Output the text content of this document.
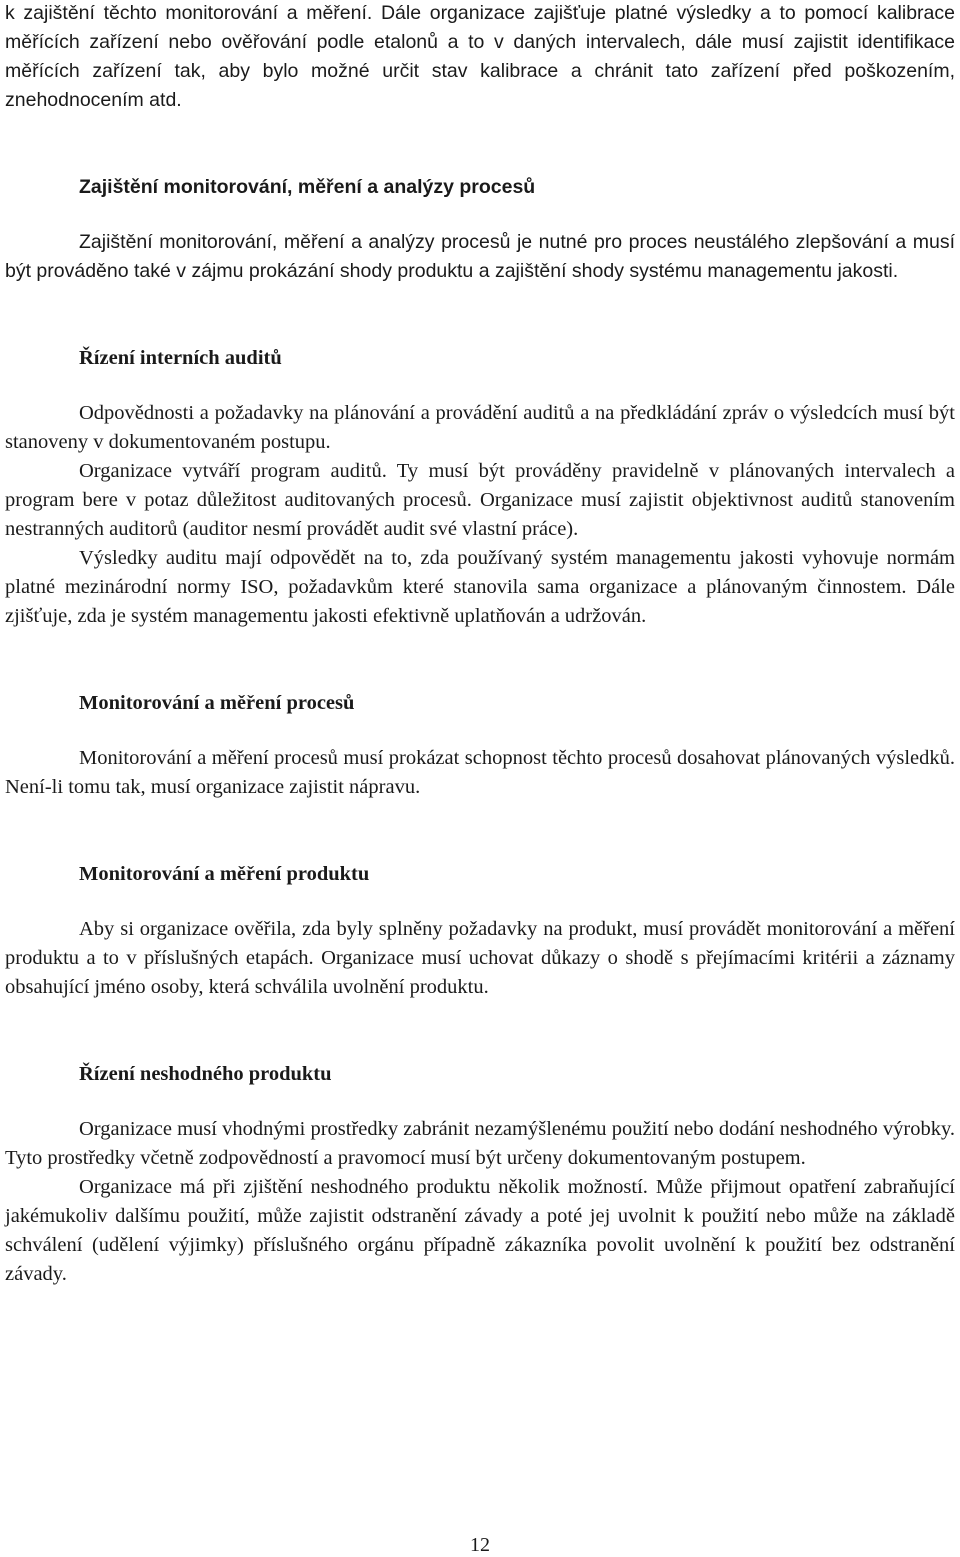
k zajištění těchto monitorování a měření. Dále organizace zajišťuje platné výsledky a to pomocí kalibrace měřících zařízení nebo ověřování podle etalonů a to v daných intervalech, dále musí zajistit identifikace měřících zařízení tak, aby bylo možné určit stav kalibrace a chránit tato zařízení před poškozením, znehodnocením atd.

Zajištění monitorování, měření a analýzy procesů

Zajištění monitorování, měření a analýzy procesů je nutné pro proces neustálého zlepšování a musí být prováděno také v zájmu prokázání shody produktu a zajištění shody systému managementu jakosti.

Řízení interních auditů

Odpovědnosti a požadavky na plánování a provádění auditů a na předkládání zpráv o výsledcích musí být stanoveny v dokumentovaném postupu.

Organizace vytváří program auditů. Ty musí být prováděny pravidelně v plánovaných intervalech a program bere v potaz důležitost auditovaných procesů. Organizace musí zajistit objektivnost auditů stanovením nestranných auditorů (auditor nesmí provádět audit své vlastní práce).

Výsledky auditu mají odpovědět na to, zda používaný systém managementu jakosti vyhovuje normám platné mezinárodní normy ISO, požadavkům které stanovila sama organizace a plánovaným činnostem. Dále zjišťuje, zda je systém managementu jakosti efektivně uplatňován a udržován.

Monitorování a měření procesů

Monitorování a měření procesů musí prokázat schopnost těchto procesů dosahovat plánovaných výsledků. Není-li tomu tak, musí organizace zajistit nápravu.

Monitorování a měření produktu

Aby si organizace ověřila, zda byly splněny požadavky na produkt, musí provádět monitorování a měření produktu a to v příslušných etapách. Organizace musí uchovat důkazy o shodě s přejímacími kritérii a záznamy obsahující jméno osoby, která schválila uvolnění produktu.

Řízení neshodného produktu

Organizace musí vhodnými prostředky zabránit nezamýšlenému použití nebo dodání neshodného výrobky. Tyto prostředky včetně zodpovědností a pravomocí musí být určeny dokumentovaným postupem.

Organizace má při zjištění neshodného produktu několik možností. Může přijmout opatření zabraňující jakémukoliv dalšímu použití, může zajistit odstranění závady a poté jej uvolnit k použití nebo může na základě schválení (udělení výjimky) příslušného orgánu případně zákazníka povolit uvolnění k použití bez odstranění závady.

12
